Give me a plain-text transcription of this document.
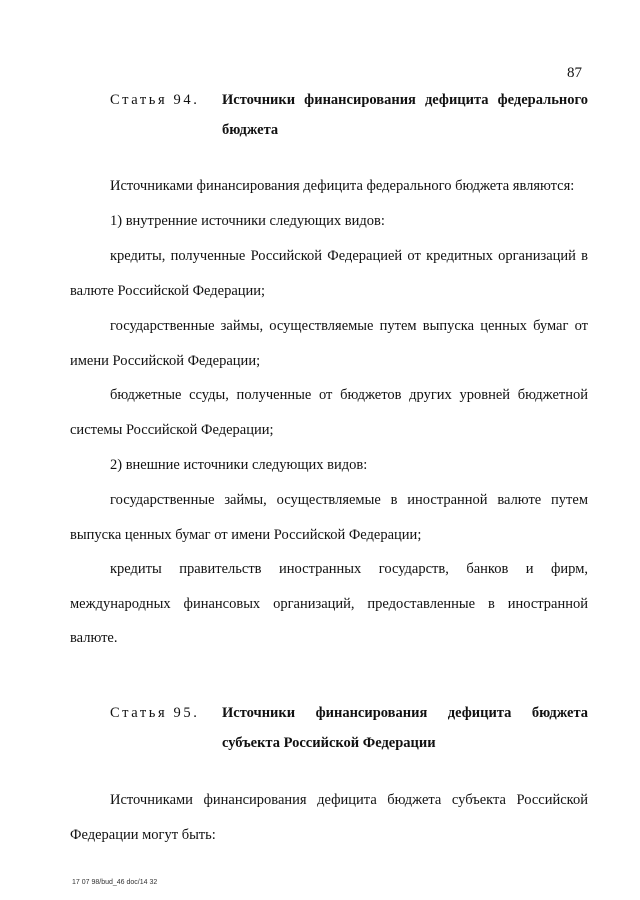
87
Статья 94. Источники финансирования дефицита федерального
бюджета

Источниками финансирования дефицита федерального бюджета являются:

1) внутренние источники следующих видов:

кредиты, полученные Российской Федерацией от кредитных организаций в валюте Российской Федерации;

государственные займы, осуществляемые путем выпуска ценных бумаг от имени Российской Федерации;

бюджетные ссуды, полученные от бюджетов других уровней бюджетной системы Российской Федерации;

2) внешние источники следующих видов:

государственные займы, осуществляемые в иностранной валюте путем выпуска ценных бумаг от имени Российской Федерации;

кредиты правительств иностранных государств, банков и фирм, международных финансовых организаций, предоставленные в иностранной валюте.

Статья 95. Источники финансирования дефицита бюджета
субъекта Российской Федерации

Источниками финансирования дефицита бюджета субъекта Российской Федерации могут быть:

17 07 98/bud_46 doc/14 32
